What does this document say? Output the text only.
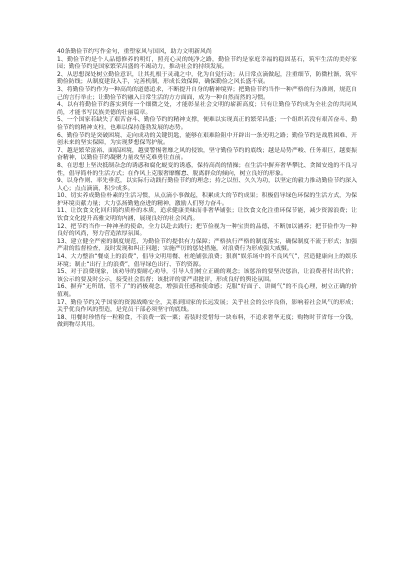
40条勤俭节约写作金句，重塑家风与国风，助力文明新风尚

1、勤俭节约是个人品德修养的明灯，照亮心灵的纯净之路，勤俭节约是家庭幸福的稳固基石，筑牢生活的美好家园；勤俭节约是国家繁荣昌盛的不竭动力，推动社会的持续发展。

2、从思想深处树立勤俭意识，让其扎根于灵魂之中，化为自觉行动；从日常点滴做起，注重细节，防微杜渐，筑牢勤俭防线；从制度建设入手，完善机制，形成长效保障，确保勤俭之风长盛不衰。

3、将勤俭节约作为一种高尚的道德追求，不断提升自身的精神境界；把勤俭节约当作一种严格的行为准则，规范自己的言行举止；让勤俭节约融入日常生活的方方面面，成为一种自然而然的习惯。

4、以有将勤俭节约落实到每一个细微之处，才能彰显社会文明的崭新高度；只有让勤俭节约成为全社会的共同风尚，才能书写民族美德的壮丽篇章。

5、一个国家若缺失了艰苦奋斗、勤俭节约的精神支撑，便难以实现真正的繁荣昌盛；一个组织若没有艰苦奋斗、勤俭节约的精神支柱，也难以保持蓬勃发展的态势。

6、勤俭节约是突破困境、走向成功的关键钥匙，能够在艰难险阻中开辟出一条光明之路；勤俭节约是战胜困难、开创未来的坚实保障，为实现梦想保驾护航。

7、越是繁荣富裕、面临困境，越要警惕奢靡之风的侵蚀，坚守勤俭节约的底线；越是局势严峻、任务艰巨，越要振奋精神，以勤俭节约凝聚力量攻坚克难勇往直前。

8、在思想上坚决抵制杂念的诱惑和腐化蜕变的诱惑，保持高尚的情操；在生活中摒弃奢华攀比、贪图安逸的不良习性，倡导简朴的生活方式；在作风上克服奢靡懈怠、脱离群众的倾向，树立良好的形象。

9、以身作则、率先垂范，以实际行动践行勤俭节约的理念；持之以恒、久久为功，以坚定的毅力推动勤俭节约深入人心；点点滴滴，积少成多。

10、切实养成勤俭朴素的生活习惯，从点滴小事做起，积累成大的节约成果；积极倡导绿色环保的生活方式，为保护环境贡献力量；大力弘扬勤勉奋进的精神，激励人们努力奋斗。

11、让饮食文化回归简约质朴的本质，追求健康美味而非奢华铺张；让饮食文化注重环保节能，减少资源浪费；让饮食文化提升高雅文明的内涵，展现良好的社会风尚。

12、把节约当作一种神圣的使命，全力以赴去践行；把节俭视为一种宝贵的品德，不断加以涵养；把节俭作为一种良好的风尚，努力营造浓厚氛围。

13、建立健全严密的制度规范，为勤俭节约提供有力保障；严格执行严格的制度落实，确保制度不流于形式；加强严肃的监督检查，及时发现和纠正问题；实施严厉的惩处措施，对浪费行为形成强大威慑。

14、大力整治“餐桌上的浪费”，倡导文明用餐、杜绝铺张浪费；狠刹“娱乐场中的不良风气”，营造健康向上的娱乐环境；制止“出行上的浪费”，倡导绿色出行、节约资源。

15、对于浪费现象，该劝导的要耐心劝导，引导人们树立正确的观念；该惩治的要坚决惩治，让浪费者付出代价；该公示的要及时公示，接受社会监督；该批评的要严肃批评，形成良好的舆论氛围。

16、摒弃“无所谓、管不了”的消极观念，增强责任感和使命感；克服“好面子、讲阔气”的不良心理，树立正确的价值观。

17、勤俭节约关乎国家的资源战略安全，关系到国家的长远发展；关乎社会的公序良俗，影响着社会风气的形成；关乎优良作风的塑造，是党员干部必须坚守的底线。

18、用餐时珍惜每一粒粮食，不浪费一饭一粟；着装时爱惜每一块布料，不追求奢华无度；购物时节省每一分钱，做到物尽其用。
